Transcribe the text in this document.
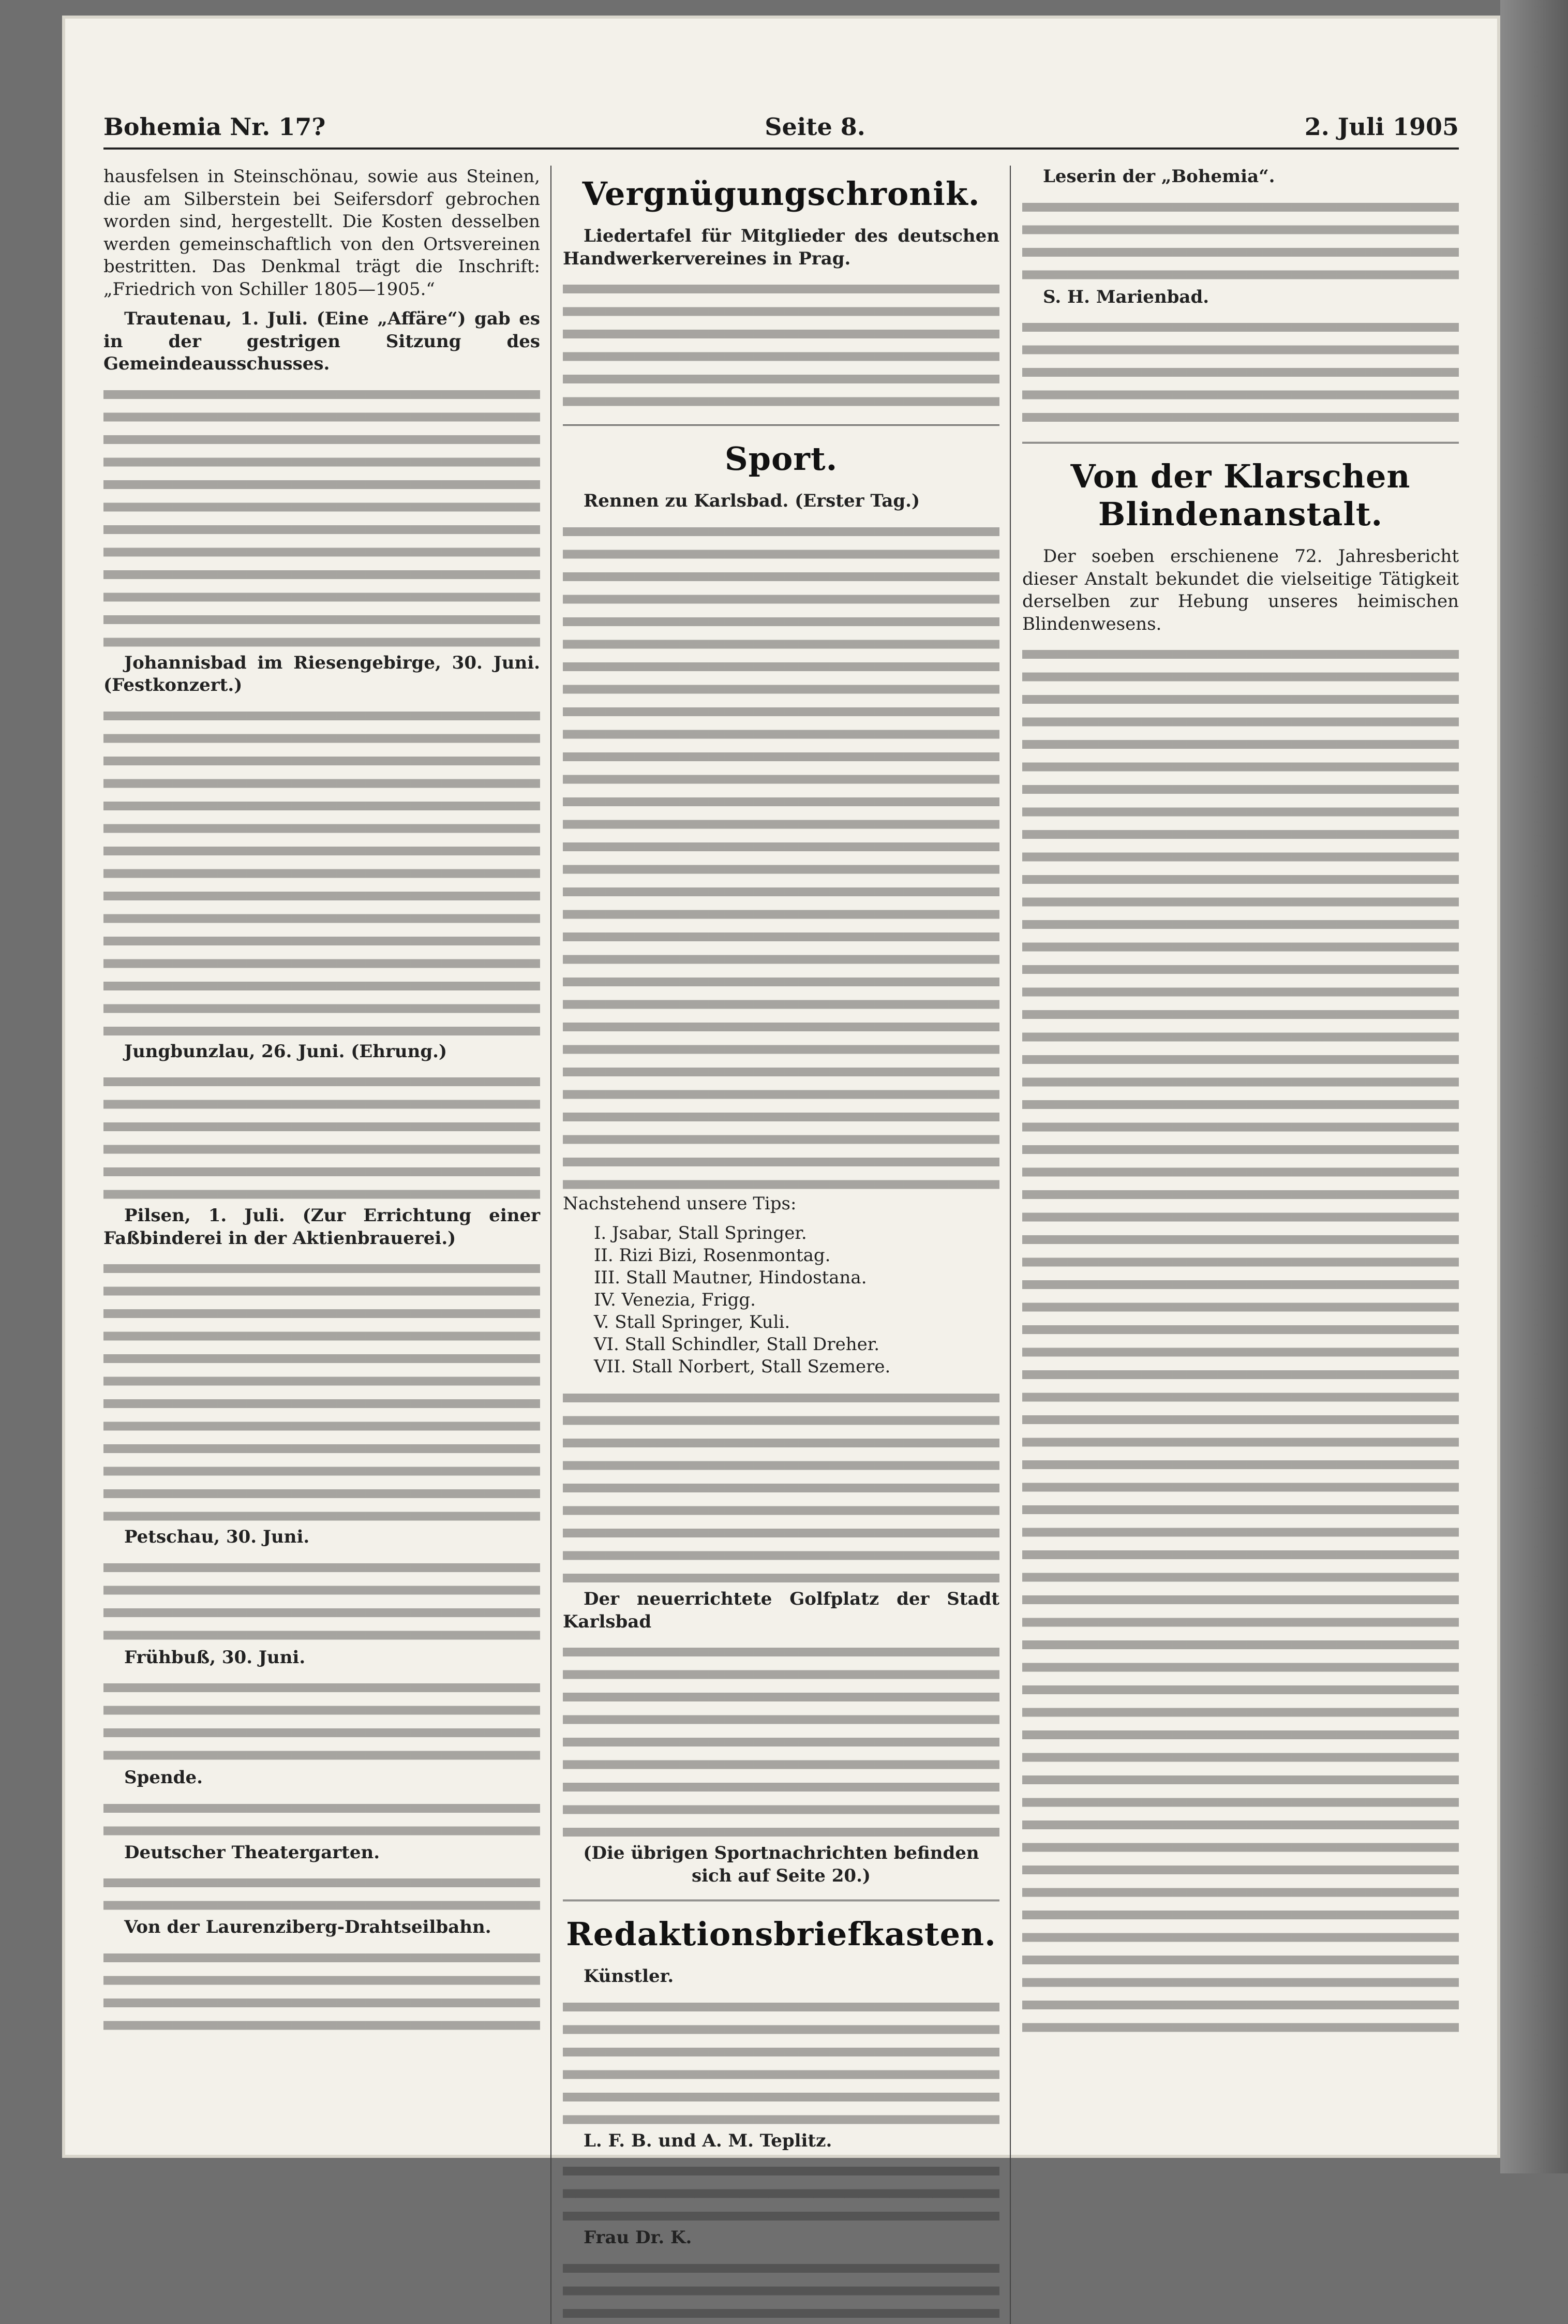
Bohemia Nr. 17?	Seite 8.	2. Juli 1905

hausfelsen in Steinschönau, sowie aus Steinen, die am Silberstein bei Seifersdorf gebrochen worden sind, hergestellt. Die Kosten desselben werden gemeinschaftlich von den Ortsvereinen bestritten. Das Denkmal trägt die Inschrift: „Friedrich von Schiller 1805—1905.“

Trautenau, 1. Juli. (Eine „Affäre“) gab es in der gestrigen Sitzung des Gemeindeausschusses.

Johannisbad im Riesengebirge, 30. Juni. (Festkonzert.)

Jungbunzlau, 26. Juni. (Ehrung.)

Pilsen, 1. Juli. (Zur Errichtung einer Faßbinderei in der Aktienbrauerei.)

Petschau, 30. Juni.

Frühbuß, 30. Juni.

Spende.

Deutscher Theatergarten.

Von der Laurenziberg-Drahtseilbahn.

Vergnügungschronik.

Liedertafel für Mitglieder des deutschen Handwerkervereines in Prag.

Sport.

Rennen zu Karlsbad. (Erster Tag.)

Nachstehend unsere Tips:

I. Jsabar, Stall Springer.
II. Rizi Bizi, Rosenmontag.
III. Stall Mautner, Hindostana.
IV. Venezia, Frigg.
V. Stall Springer, Kuli.
VI. Stall Schindler, Stall Dreher.
VII. Stall Norbert, Stall Szemere.

Der neuerrichtete Golfplatz der Stadt Karlsbad

(Die übrigen Sportnachrichten befinden sich auf Seite 20.)

Redaktionsbriefkasten.

Künstler.

L. F. B. und A. M. Teplitz.

Frau Dr. K.

Leserin der „Bohemia“.

S. H. Marienbad.

Von der Klarschen Blindenanstalt.

Der soeben erschienene 72. Jahresbericht dieser Anstalt bekundet die vielseitige Tätigkeit derselben zur Hebung unseres heimischen Blindenwesens.
